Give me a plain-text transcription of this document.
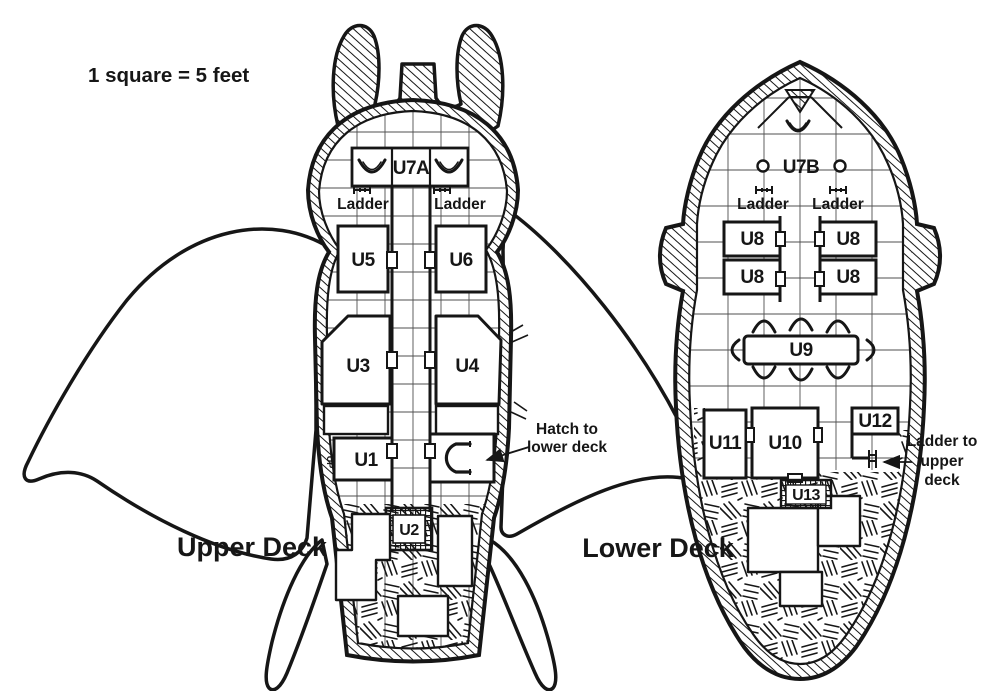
U7A
Ladder	Ladder
U5	U6
U3	U4
U1
UP
U2
Hatch to
lower deck
Upper Deck
U7B
Ladder Ladder
U8	U8
U8	U8
U9
U11 U10
U12
U13
Ladder to
upper
deck
Lower Deck
1 square = 5 feet
